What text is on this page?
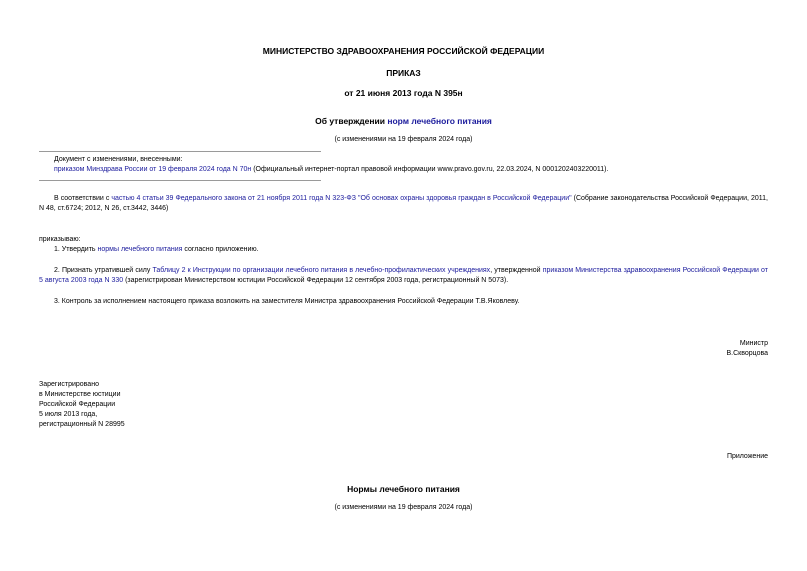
МИНИСТЕРСТВО ЗДРАВООХРАНЕНИЯ РОССИЙСКОЙ ФЕДЕРАЦИИ
ПРИКАЗ
от 21 июня 2013 года N 395н
Об утверждении норм лечебного питания
(с изменениями на 19 февраля 2024 года)
Документ с изменениями, внесенными:
приказом Минздрава России от 19 февраля 2024 года N 70н (Официальный интернет-портал правовой информации www.pravo.gov.ru, 22.03.2024, N 0001202403220011).
В соответствии с частью 4 статьи 39 Федерального закона от 21 ноября 2011 года N 323-ФЗ "Об основах охраны здоровья граждан в Российской Федерации" (Собрание законодательства Российской Федерации, 2011, N 48, ст.6724; 2012, N 26, ст.3442, 3446)
приказываю:
1. Утвердить нормы лечебного питания согласно приложению.
2. Признать утратившей силу Таблицу 2 к Инструкции по организации лечебного питания в лечебно-профилактических учреждениях, утвержденной приказом Министерства здравоохранения Российской Федерации от 5 августа 2003 года N 330 (зарегистрирован Министерством юстиции Российской Федерации 12 сентября 2003 года, регистрационный N 5073).
3. Контроль за исполнением настоящего приказа возложить на заместителя Министра здравоохранения Российской Федерации Т.В.Яковлеву.
Министр
В.Скворцова
Зарегистрировано
в Министерстве юстиции
Российской Федерации
5 июля 2013 года,
регистрационный N 28995
Приложение
Нормы лечебного питания
(с изменениями на 19 февраля 2024 года)
